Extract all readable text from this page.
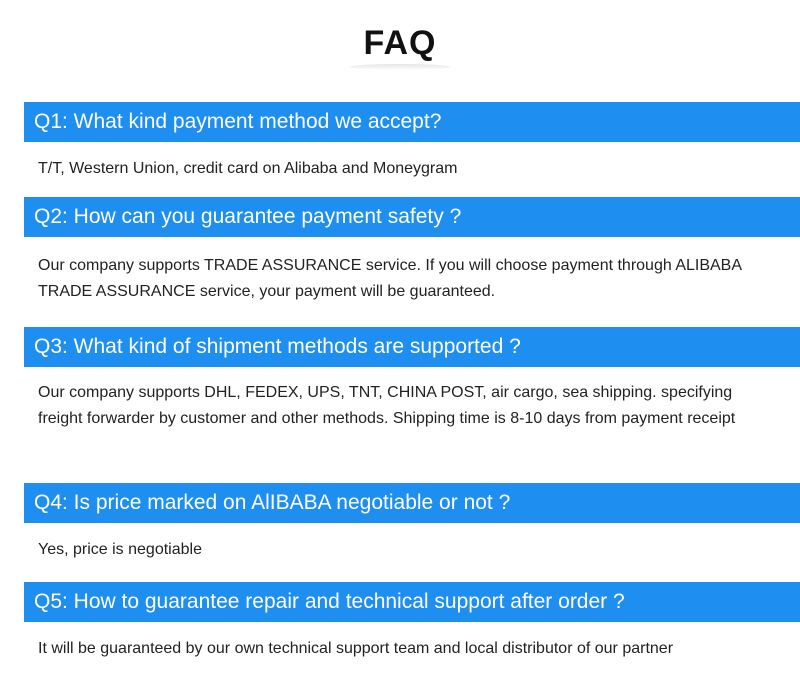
FAQ
Q1: What kind payment method we accept?
T/T, Western Union, credit card on Alibaba and Moneygram
Q2: How can you guarantee payment safety ?
Our company supports TRADE ASSURANCE service. If you will choose payment through ALIBABA TRADE ASSURANCE service, your payment will be guaranteed.
Q3: What kind of shipment methods are supported ?
Our company supports DHL, FEDEX, UPS, TNT, CHINA POST, air cargo, sea shipping. specifying freight forwarder by customer and other methods. Shipping time is 8-10 days from payment receipt
Q4: Is price marked on AlIBABA negotiable or not ?
Yes, price is negotiable
Q5: How to guarantee repair and technical support after order ?
It will be guaranteed by our own technical support team and local distributor of our partner
